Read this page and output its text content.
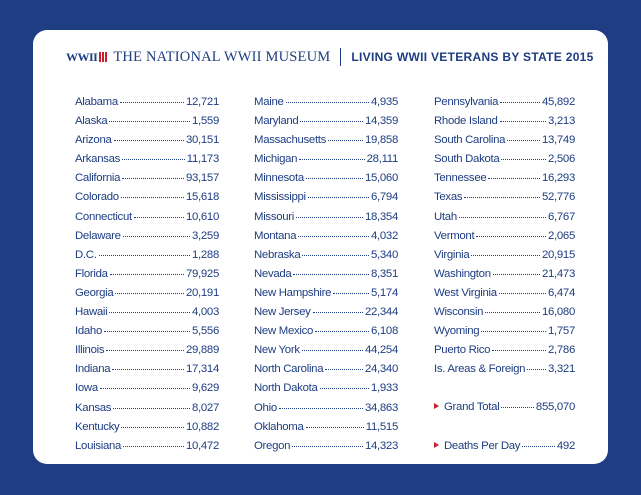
WWII THE NATIONAL WWII MUSEUM LIVING WWII VETERANS BY STATE 2015
Alabama	12,721
Alaska	1,559
Arizona	30,151
Arkansas	11,173
California	93,157
Colorado	15,618
Connecticut	10,610
Delaware	3,259
D.C.	1,288
Florida	79,925
Georgia	20,191
Hawaii	4,003
Idaho	5,556
Illinois	29,889
Indiana	17,314
Iowa	9,629
Kansas	8,027
Kentucky	10,882
Louisiana	10,472
Maine	4,935
Maryland	14,359
Massachusetts	19,858
Michigan	28,111
Minnesota	15,060
Mississippi	6,794
Missouri	18,354
Montana	4,032
Nebraska	5,340
Nevada	8,351
New Hampshire	5,174
New Jersey	22,344
New Mexico	6,108
New York	44,254
North Carolina	24,340
North Dakota	1,933
Ohio	34,863
Oklahoma	11,515
Oregon	14,323
Pennsylvania	45,892
Rhode Island	3,213
South Carolina	13,749
South Dakota	2,506
Tennessee	16,293
Texas	52,776
Utah	6,767
Vermont	2,065
Virginia	20,915
Washington	21,473
West Virginia	6,474
Wisconsin	16,080
Wyoming	1,757
Puerto Rico	2,786
Is. Areas & Foreign 3,321
Grand Total	855,070
Deaths Per Day	492
